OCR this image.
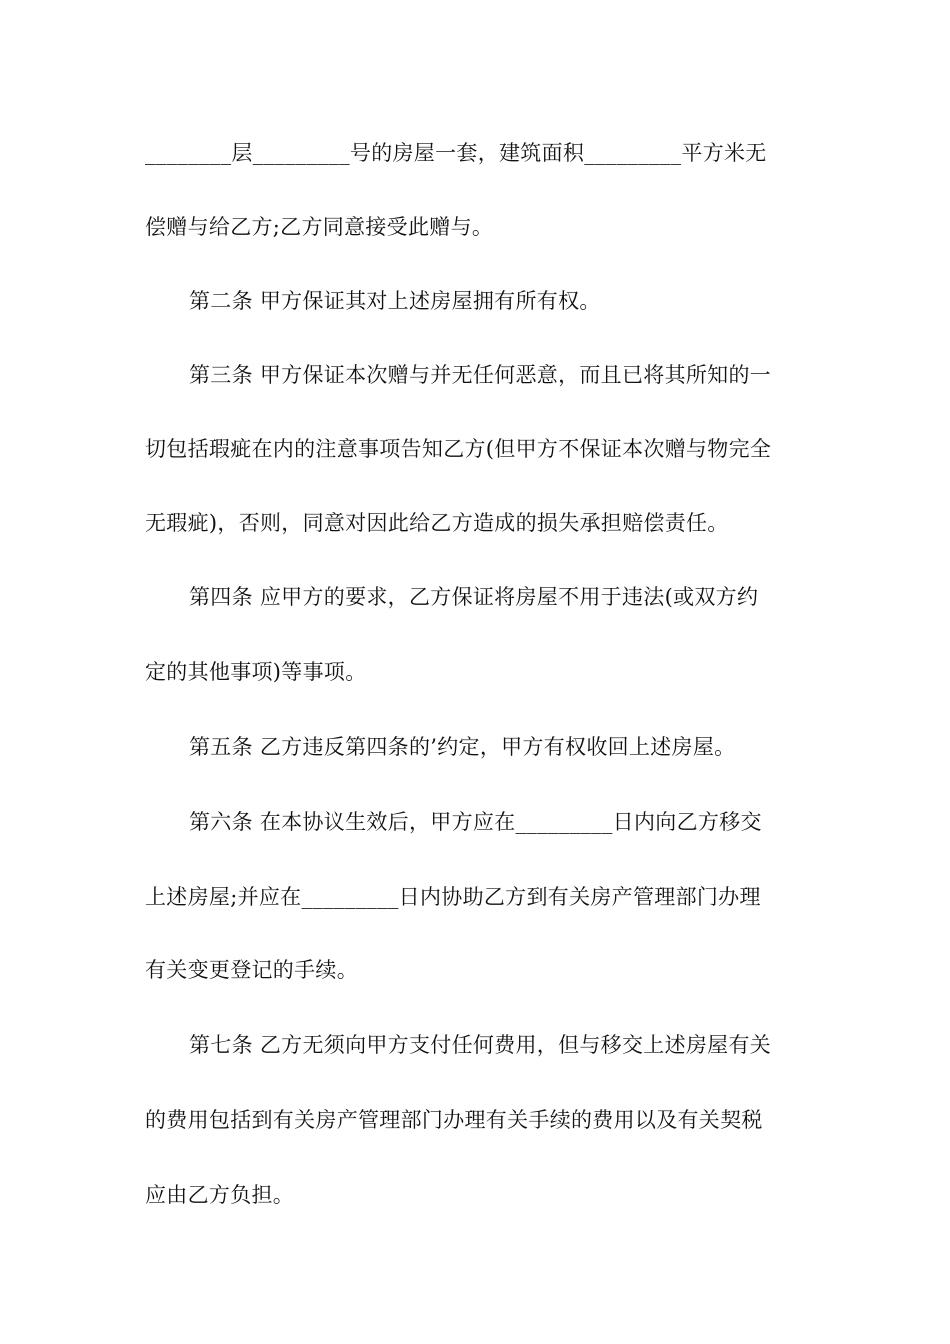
________层_________号的房屋一套，建筑面积_________平方米无
偿赠与给乙方;乙方同意接受此赠与。
第二条 甲方保证其对上述房屋拥有所有权。
第三条 甲方保证本次赠与并无任何恶意，而且已将其所知的一
切包括瑕疵在内的注意事项告知乙方(但甲方不保证本次赠与物完全
无瑕疵)，否则，同意对因此给乙方造成的损失承担赔偿责任。
第四条 应甲方的要求，乙方保证将房屋不用于违法(或双方约
定的其他事项)等事项。
第五条 乙方违反第四条的’约定，甲方有权收回上述房屋。
第六条 在本协议生效后，甲方应在_________日内向乙方移交
上述房屋;并应在_________日内协助乙方到有关房产管理部门办理
有关变更登记的手续。
第七条 乙方无须向甲方支付任何费用，但与移交上述房屋有关
的费用包括到有关房产管理部门办理有关手续的费用以及有关契税
应由乙方负担。
